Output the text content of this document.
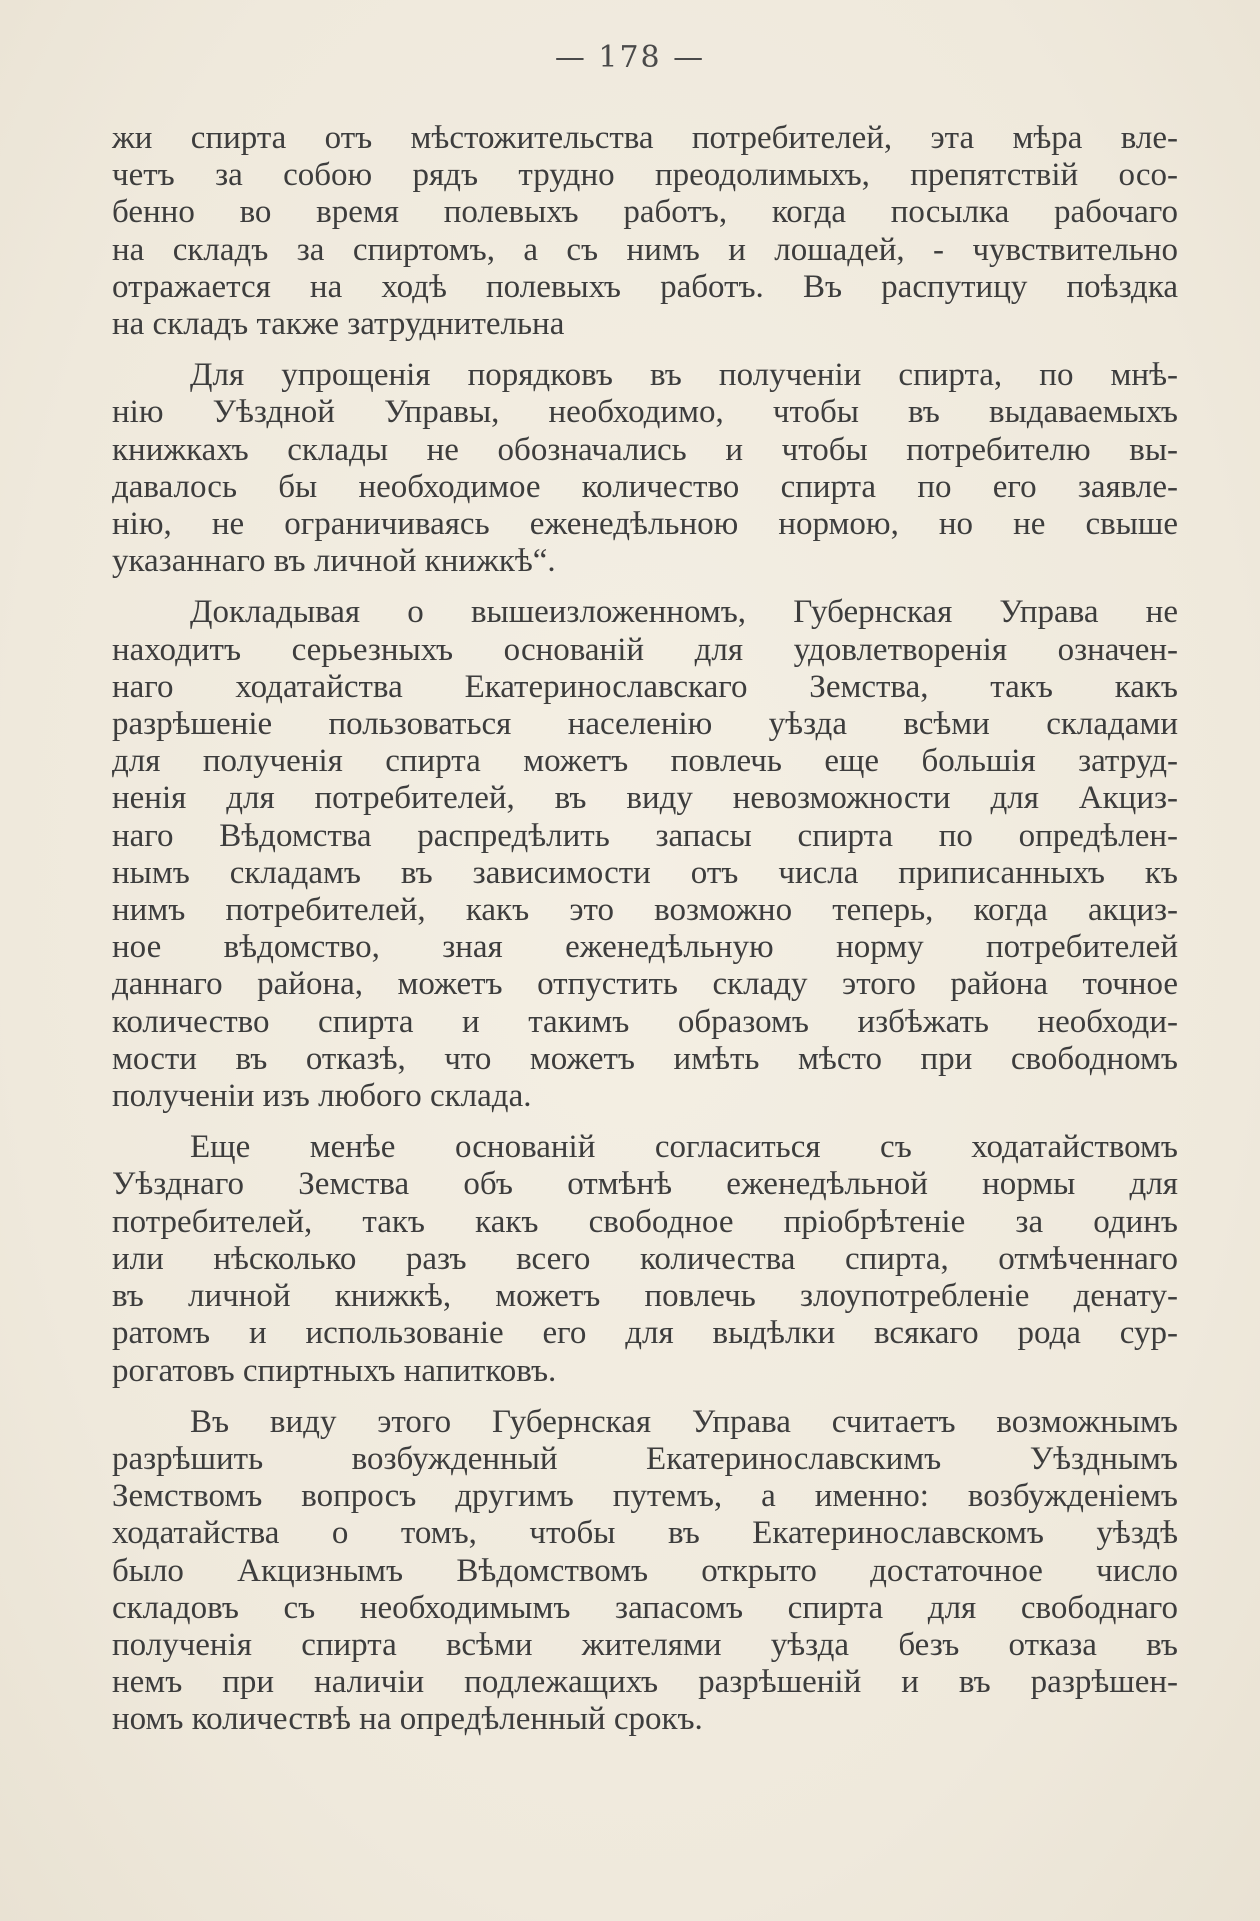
— 178 —
жи спирта отъ мѣстожительства потребителей, эта мѣра вле-
четъ за собою рядъ трудно преодолимыхъ, препятствій осо-
бенно во время полевыхъ работъ, когда посылка рабочаго
на складъ за спиртомъ, а съ нимъ и лошадей, - чувствительно
отражается на ходѣ полевыхъ работъ. Въ распутицу поѣздка
на складъ также затруднительна
Для упрощенія порядковъ въ полученіи спирта, по мнѣ-
нію Уѣздной Управы, необходимо, чтобы въ выдаваемыхъ
книжкахъ склады не обозначались и чтобы потребителю вы-
давалось бы необходимое количество спирта по его заявле-
нію, не ограничиваясь еженедѣльною нормою, но не свыше
указаннаго въ личной книжкѣ“.
Докладывая о вышеизложенномъ, Губернская Управа не
находитъ серьезныхъ основаній для удовлетворенія означен-
наго ходатайства Екатеринославскаго Земства, такъ какъ
разрѣшеніе пользоваться населенію уѣзда всѣми складами
для полученія спирта можетъ повлечь еще большія затруд-
ненія для потребителей, въ виду невозможности для Акциз-
наго Вѣдомства распредѣлить запасы спирта по опредѣлен-
нымъ складамъ въ зависимости отъ числа приписанныхъ къ
нимъ потребителей, какъ это возможно теперь, когда акциз-
ное вѣдомство, зная еженедѣльную норму потребителей
даннаго района, можетъ отпустить складу этого района точное
количество спирта и такимъ образомъ избѣжать необходи-
мости въ отказѣ, что можетъ имѣть мѣсто при свободномъ
полученіи изъ любого склада.
Еще менѣе основаній согласиться съ ходатайствомъ
Уѣзднаго Земства объ отмѣнѣ еженедѣльной нормы для
потребителей, такъ какъ свободное пріобрѣтеніе за одинъ
или нѣсколько разъ всего количества спирта, отмѣченнаго
въ личной книжкѣ, можетъ повлечь злоупотребленіе денату-
ратомъ и использованіе его для выдѣлки всякаго рода сур-
рогатовъ спиртныхъ напитковъ.
Въ виду этого Губернская Управа считаетъ возможнымъ
разрѣшить возбужденный Екатеринославскимъ Уѣзднымъ
Земствомъ вопросъ другимъ путемъ, а именно: возбужденіемъ
ходатайства о томъ, чтобы въ Екатеринославскомъ уѣздѣ
было Акцизнымъ Вѣдомствомъ открыто достаточное число
складовъ съ необходимымъ запасомъ спирта для свободнаго
полученія спирта всѣми жителями уѣзда безъ отказа въ
немъ при наличіи подлежащихъ разрѣшеній и въ разрѣшен-
номъ количествѣ на опредѣленный срокъ.
